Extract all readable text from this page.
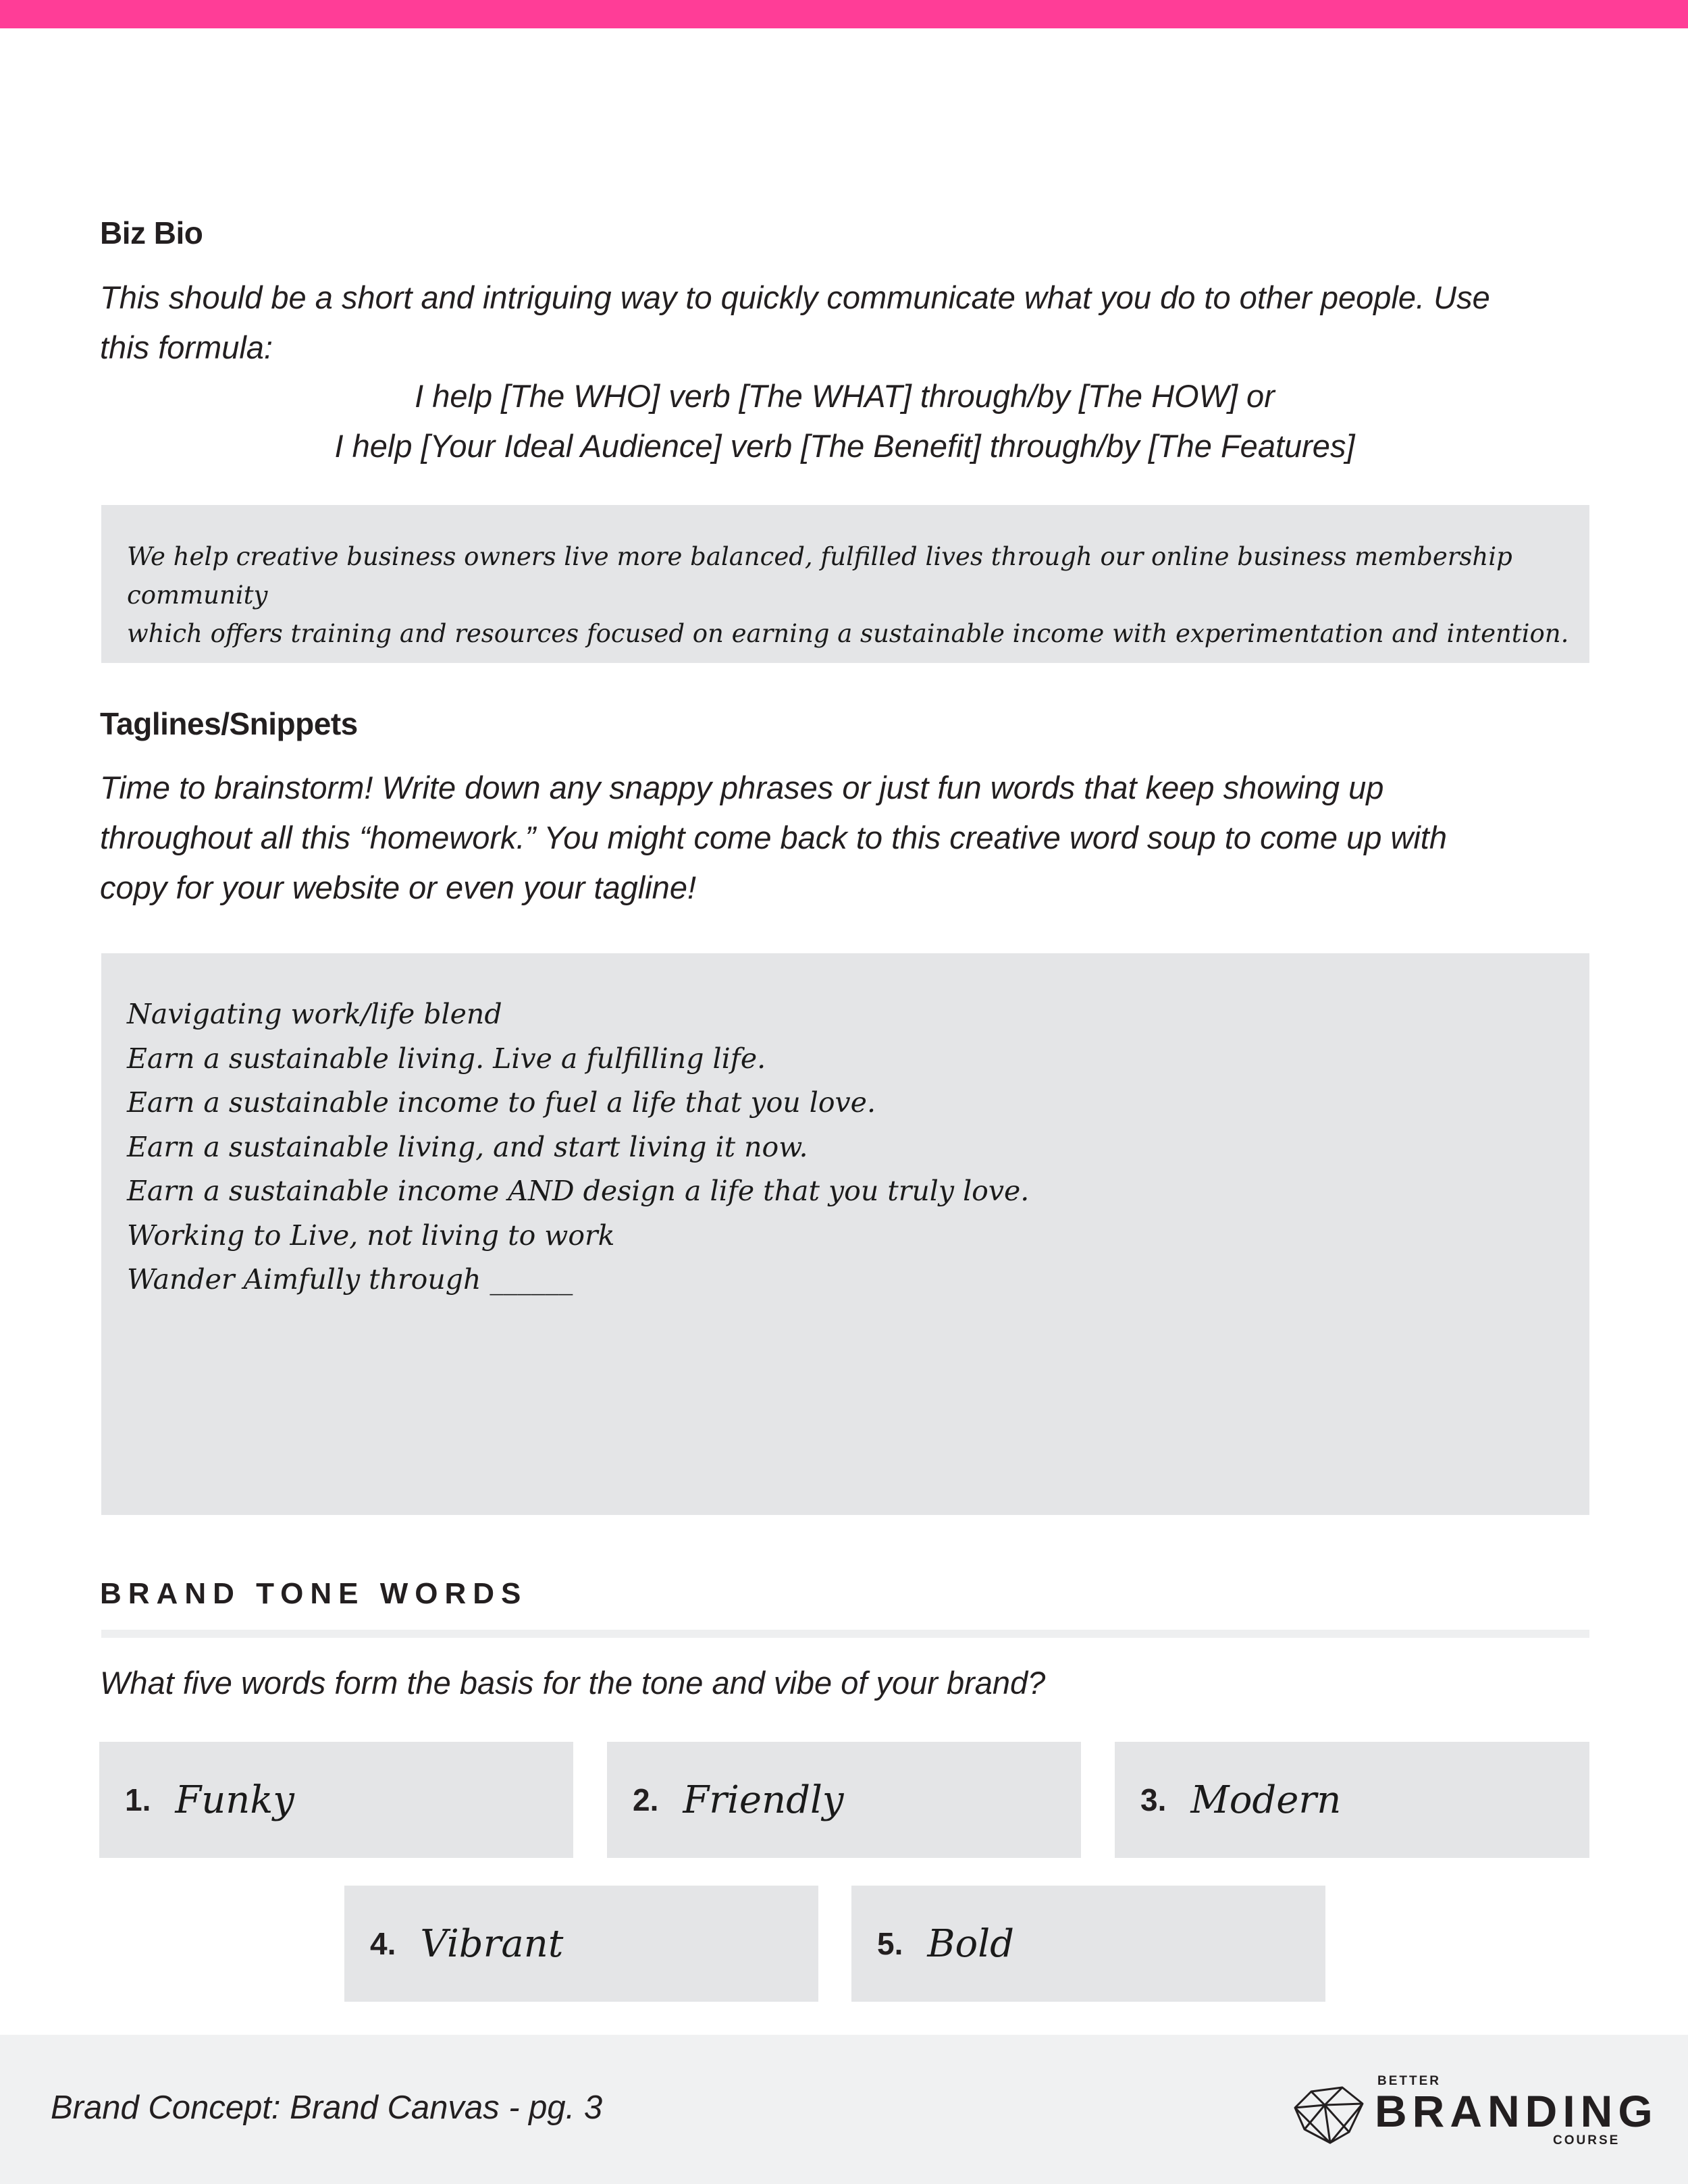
Biz Bio
This should be a short and intriguing way to quickly communicate what you do to other people. Use
this formula:
I help [The WHO] verb [The WHAT] through/by [The HOW] or
I help [Your Ideal Audience] verb [The Benefit] through/by [The Features]
We help creative business owners live more balanced, fulfilled lives through our online business membership community
which offers training and resources focused on earning a sustainable income with experimentation and intention.
Taglines/Snippets
Time to brainstorm! Write down any snappy phrases or just fun words that keep showing up
throughout all this “homework.” You might come back to this creative word soup to come up with
copy for your website or even your tagline!
Navigating work/life blend
Earn a sustainable living. Live a fulfilling life.
Earn a sustainable income to fuel a life that you love.
Earn a sustainable living, and start living it now.
Earn a sustainable income AND design a life that you truly love.
Working to Live, not living to work
Wander Aimfully through ______
BRAND TONE WORDS
What five words form the basis for the tone and vibe of your brand?
1. Funky	2. Friendly	3. Modern
4. Vibrant	5. Bold
Brand Concept: Brand Canvas - pg. 3
BETTER
BRANDING
COURSE
